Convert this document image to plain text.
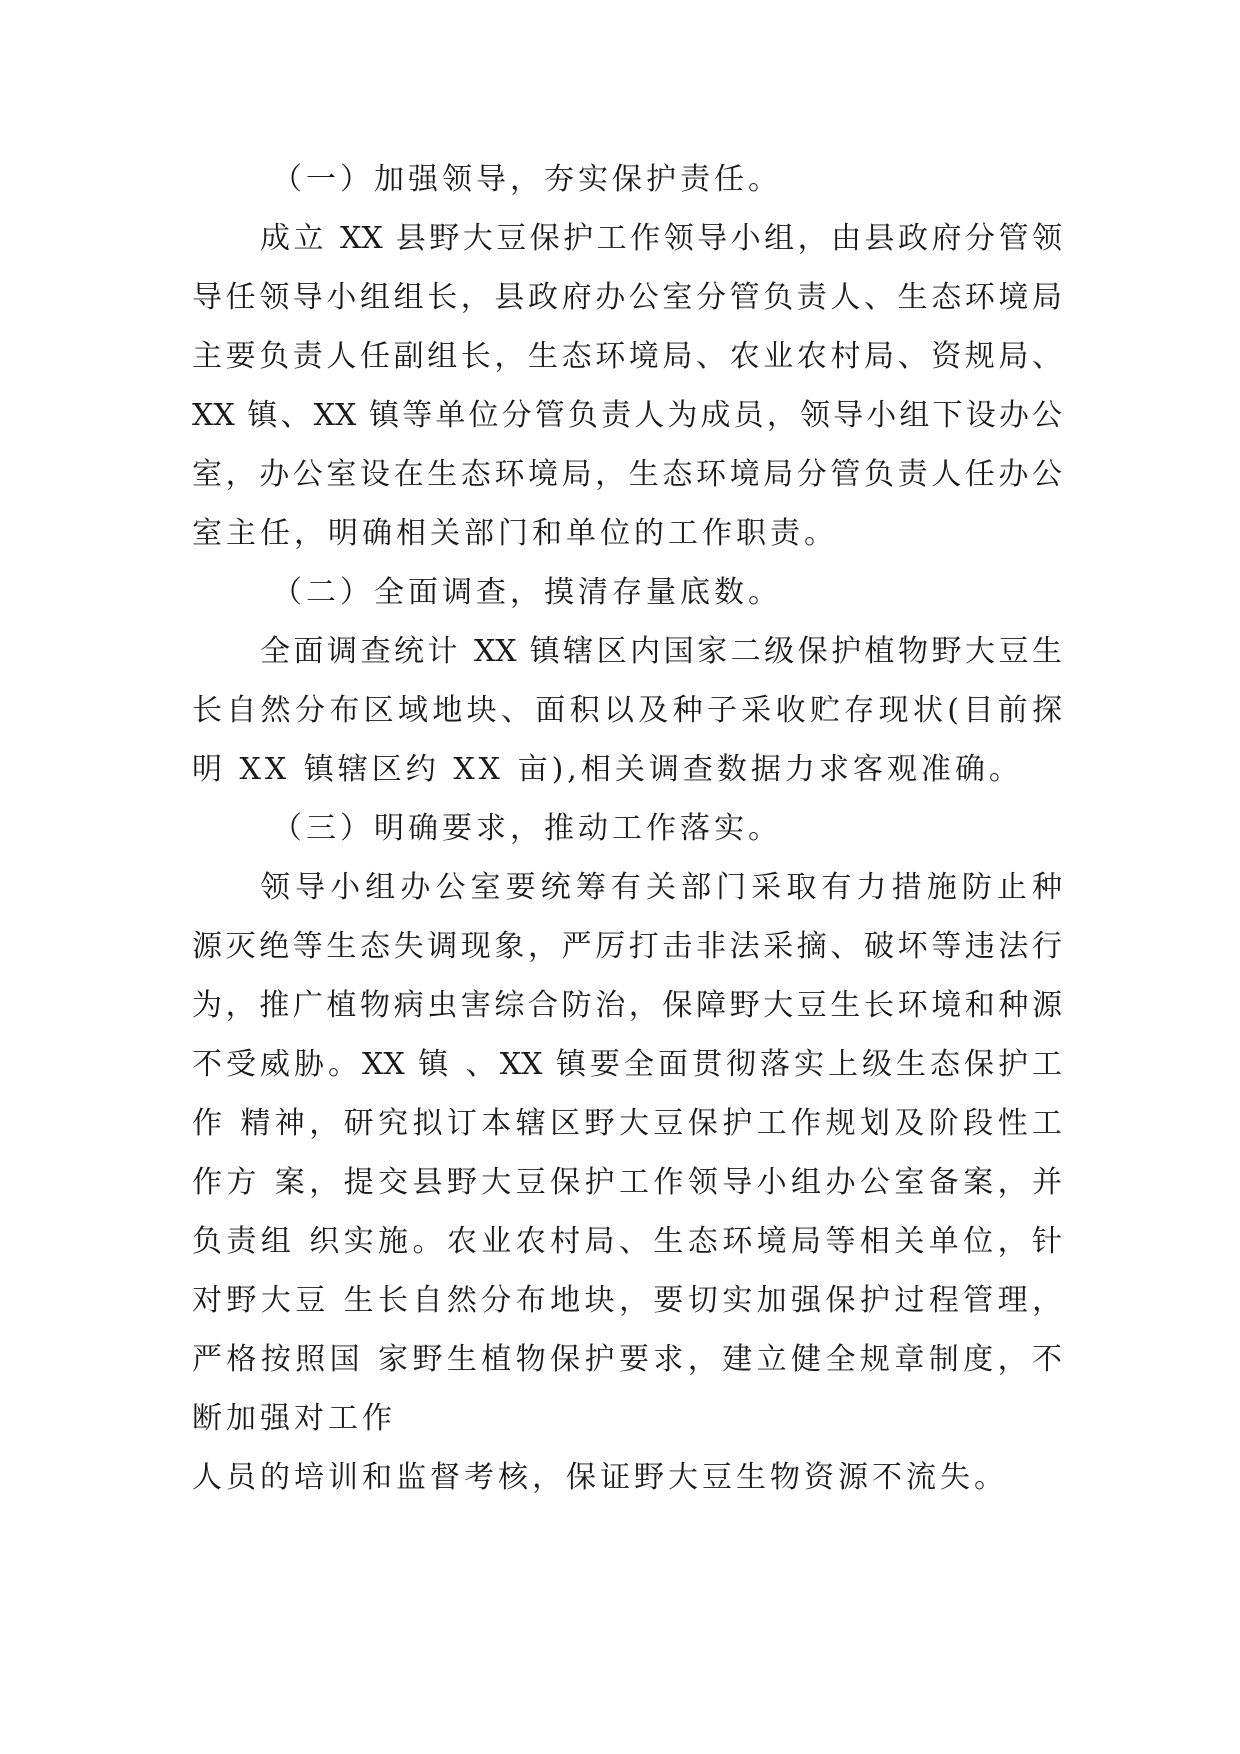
（一）加强领导，夯实保护责任。
成立 XX 县野大豆保护工作领导小组，由县政府分管领
导任领导小组组长，县政府办公室分管负责人、生态环境局
主要负责人任副组长，生态环境局、农业农村局、资规局、
XX 镇、XX 镇等单位分管负责人为成员，领导小组下设办公
室，办公室设在生态环境局，生态环境局分管负责人任办公
室主任，明确相关部门和单位的工作职责。
（二）全面调查，摸清存量底数。
全面调查统计 XX 镇辖区内国家二级保护植物野大豆生
长自然分布区域地块、面积以及种子采收贮存现状(目前探
明 XX 镇辖区约 XX 亩),相关调查数据力求客观准确。
（三）明确要求，推动工作落实。
领导小组办公室要统筹有关部门采取有力措施防止种
源灭绝等生态失调现象，严厉打击非法采摘、破坏等违法行
为，推广植物病虫害综合防治，保障野大豆生长环境和种源
不受威胁。XX 镇 、XX 镇要全面贯彻落实上级生态保护工
作 精神，研究拟订本辖区野大豆保护工作规划及阶段性工
作方 案，提交县野大豆保护工作领导小组办公室备案，并
负责组 织实施。农业农村局、生态环境局等相关单位，针
对野大豆 生长自然分布地块，要切实加强保护过程管理，
严格按照国 家野生植物保护要求，建立健全规章制度，不
断加强对工作
人员的培训和监督考核，保证野大豆生物资源不流失。
